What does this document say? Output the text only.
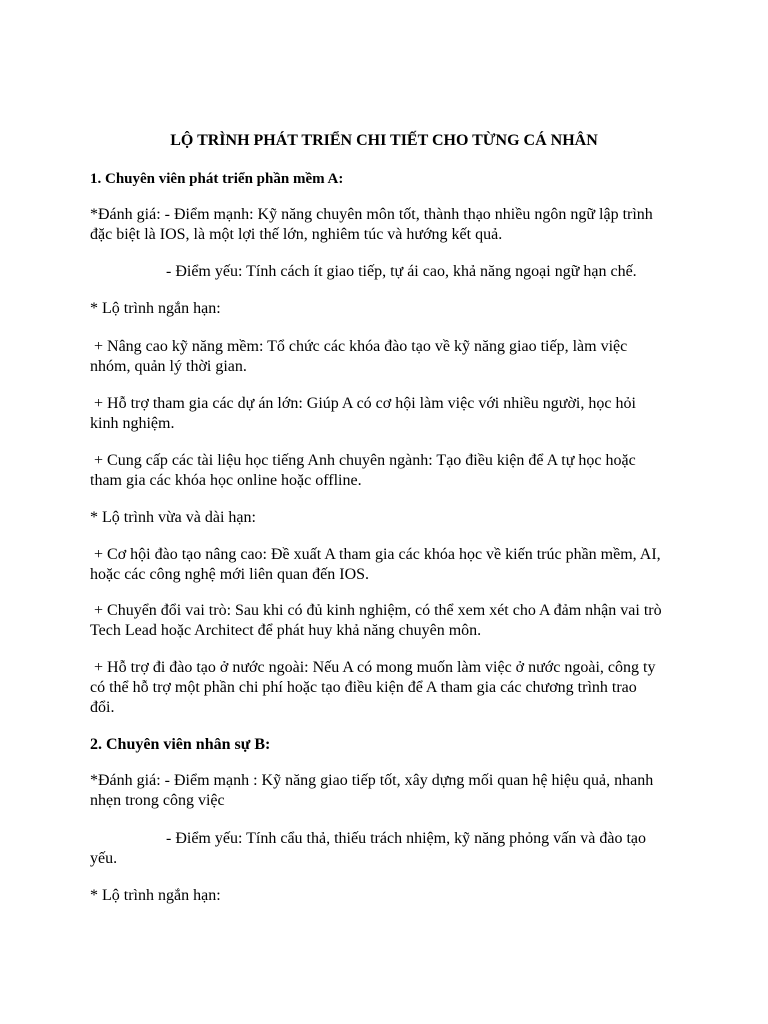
LỘ TRÌNH PHÁT TRIỂN CHI TIẾT CHO TỪNG CÁ NHÂN
1. Chuyên viên phát triển phần mềm A:
*Đánh giá: - Điểm mạnh: Kỹ năng chuyên môn tốt, thành thạo nhiều ngôn ngữ lập trình
đặc biệt là IOS, là một lợi thế lớn, nghiêm túc và hướng kết quả.
- Điểm yếu: Tính cách ít giao tiếp, tự ái cao, khả năng ngoại ngữ hạn chế.
* Lộ trình ngắn hạn:
+ Nâng cao kỹ năng mềm: Tổ chức các khóa đào tạo về kỹ năng giao tiếp, làm việc
nhóm, quản lý thời gian.
+ Hỗ trợ tham gia các dự án lớn: Giúp A có cơ hội làm việc với nhiều người, học hỏi
kinh nghiệm.
+ Cung cấp các tài liệu học tiếng Anh chuyên ngành: Tạo điều kiện để A tự học hoặc
tham gia các khóa học online hoặc offline.
* Lộ trình vừa và dài hạn:
+ Cơ hội đào tạo nâng cao: Đề xuất A tham gia các khóa học về kiến trúc phần mềm, AI,
hoặc các công nghệ mới liên quan đến IOS.
+ Chuyển đổi vai trò: Sau khi có đủ kinh nghiệm, có thể xem xét cho A đảm nhận vai trò
Tech Lead hoặc Architect để phát huy khả năng chuyên môn.
+ Hỗ trợ đi đào tạo ở nước ngoài: Nếu A có mong muốn làm việc ở nước ngoài, công ty
có thể hỗ trợ một phần chi phí hoặc tạo điều kiện để A tham gia các chương trình trao
đổi.
2. Chuyên viên nhân sự B:
*Đánh giá: - Điểm mạnh : Kỹ năng giao tiếp tốt, xây dựng mối quan hệ hiệu quả, nhanh
nhẹn trong công việc
- Điểm yếu: Tính cẩu thả, thiếu trách nhiệm, kỹ năng phỏng vấn và đào tạo
yếu.
* Lộ trình ngắn hạn:
